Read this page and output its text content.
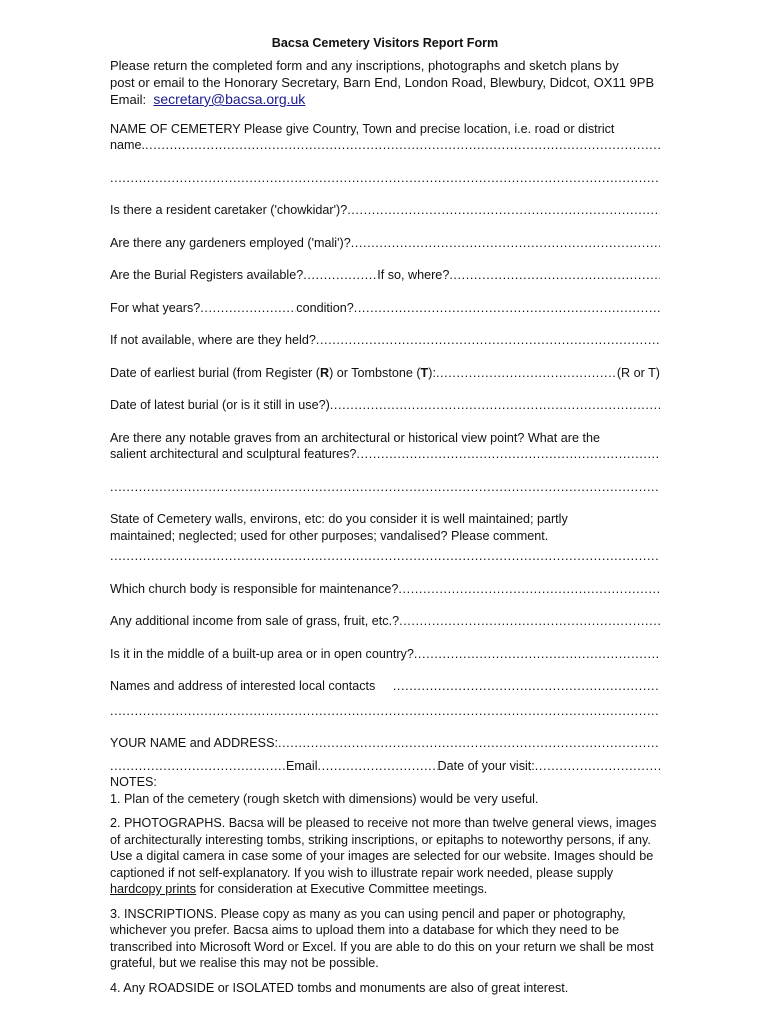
Bacsa Cemetery Visitors Report Form
Please return the completed form and any inscriptions, photographs and sketch plans by
post or email to the Honorary Secretary, Barn End, London Road, Blewbury, Didcot, OX11 9PB
Email: secretary@bacsa.org.uk
NAME OF CEMETERY Please give Country, Town and precise location, i.e. road or district
name.
.....
.....
Is there a resident caretaker ('chowkidar')?
.....
Are there any gardeners employed ('mali')?
.....
Are the Burial Registers available? .....	If so, where?
.....
For what years? .....	condition?
.....
If not available, where are they held?
.....
Date of earliest burial (from Register (R) or Tombstone (T): .....	(R or T)
Date of latest burial (or is it still in use?)
.....
Are there any notable graves from an architectural or historical view point? What are the
salient architectural and sculptural features?
.....
.....
State of Cemetery walls, environs, etc: do you consider it is well maintained; partly
maintained; neglected; used for other purposes; vandalised? Please comment.
.....
Which church body is responsible for maintenance?
.....
Any additional income from sale of grass, fruit, etc.?
.....
Is it in the middle of a built-up area or in open country?
.....
Names and address of interested local contacts
.....
.....
YOUR NAME and ADDRESS:
.....
.....
Email .....	Date of your visit:
.....
NOTES:
1. Plan of the cemetery (rough sketch with dimensions) would be very useful.
2. PHOTOGRAPHS. Bacsa will be pleased to receive not more than twelve general views, images of architecturally interesting tombs, striking inscriptions, or epitaphs to noteworthy persons, if any. Use a digital camera in case some of your images are selected for our website. Images should be captioned if not self-explanatory. If you wish to illustrate repair work needed, please supply hardcopy prints for consideration at Executive Committee meetings.
3. INSCRIPTIONS. Please copy as many as you can using pencil and paper or photography, whichever you prefer. Bacsa aims to upload them into a database for which they need to be transcribed into Microsoft Word or Excel. If you are able to do this on your return we shall be most grateful, but we realise this may not be possible.
4. Any ROADSIDE or ISOLATED tombs and monuments are also of great interest.
